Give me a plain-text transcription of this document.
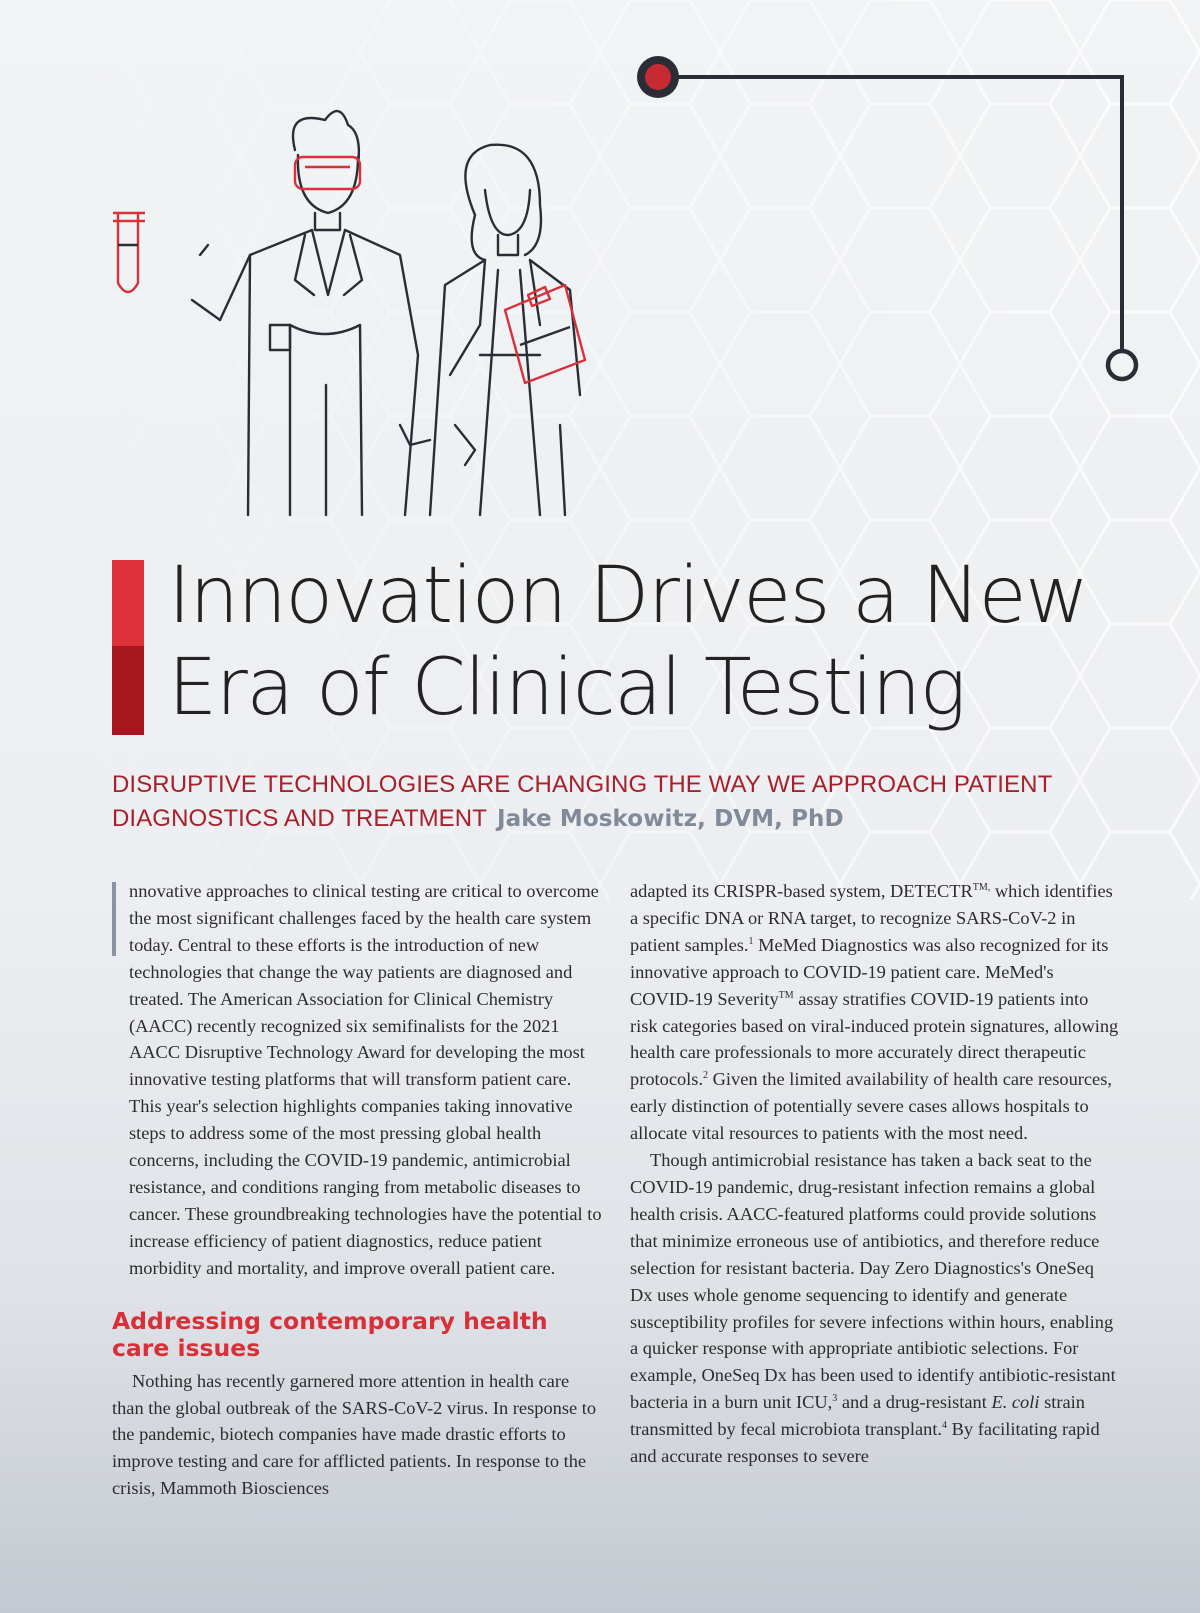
Innovation Drives a New
Era of Clinical Testing
DISRUPTIVE TECHNOLOGIES ARE CHANGING THE WAY WE APPROACH PATIENT DIAGNOSTICS AND TREATMENT Jake Moskowitz, DVM, PhD

nnovative approaches to clinical testing are critical to overcome the most significant challenges faced by the health care system today. Central to these efforts is the introduction of new technologies that change the way patients are diagnosed and treated. The American Association for Clinical Chemistry (AACC) recently recognized six semifinalists for the 2021 AACC Disruptive Technology Award for developing the most innovative testing platforms that will transform patient care. This year's selection highlights companies taking innovative steps to address some of the most pressing global health concerns, including the COVID-19 pandemic, antimicrobial resistance, and conditions ranging from metabolic diseases to cancer. These groundbreaking technologies have the potential to increase efficiency of patient diagnostics, reduce patient morbidity and mortality, and improve overall patient care.

Addressing contemporary health care issues

Nothing has recently garnered more attention in health care than the global outbreak of the SARS-CoV-2 virus. In response to the pandemic, biotech companies have made drastic efforts to improve testing and care for afflicted patients. In response to the crisis, Mammoth Biosciences

adapted its CRISPR-based system, $DETECTR^{TM,}$ which identifies a specific DNA or RNA target, to recognize SARS-CoV-2 in patient samples.$^1$ MeMed Diagnostics was also recognized for its innovative approach to COVID-19 patient care. MeMed's COVID-19 Severity™ assay stratifies COVID-19 patients into risk categories based on viral-induced protein signatures, allowing health care professionals to more accurately direct therapeutic protocols.$^2$ Given the limited availability of health care resources, early distinction of potentially severe cases allows hospitals to allocate vital resources to patients with the most need.

Though antimicrobial resistance has taken a back seat to the COVID-19 pandemic, drug-resistant infection remains a global health crisis. AACC-featured platforms could provide solutions that minimize erroneous use of antibiotics, and therefore reduce selection for resistant bacteria. Day Zero Diagnostics's OneSeq Dx uses whole genome sequencing to identify and generate susceptibility profiles for severe infections within hours, enabling a quicker response with appropriate antibiotic selections. For example, OneSeq Dx has been used to identify antibiotic-resistant bacteria in a burn unit ICU,$^3$ and a drug-resistant E. coli strain transmitted by fecal microbiota transplant.$^4$ By facilitating rapid and accurate responses to severe
